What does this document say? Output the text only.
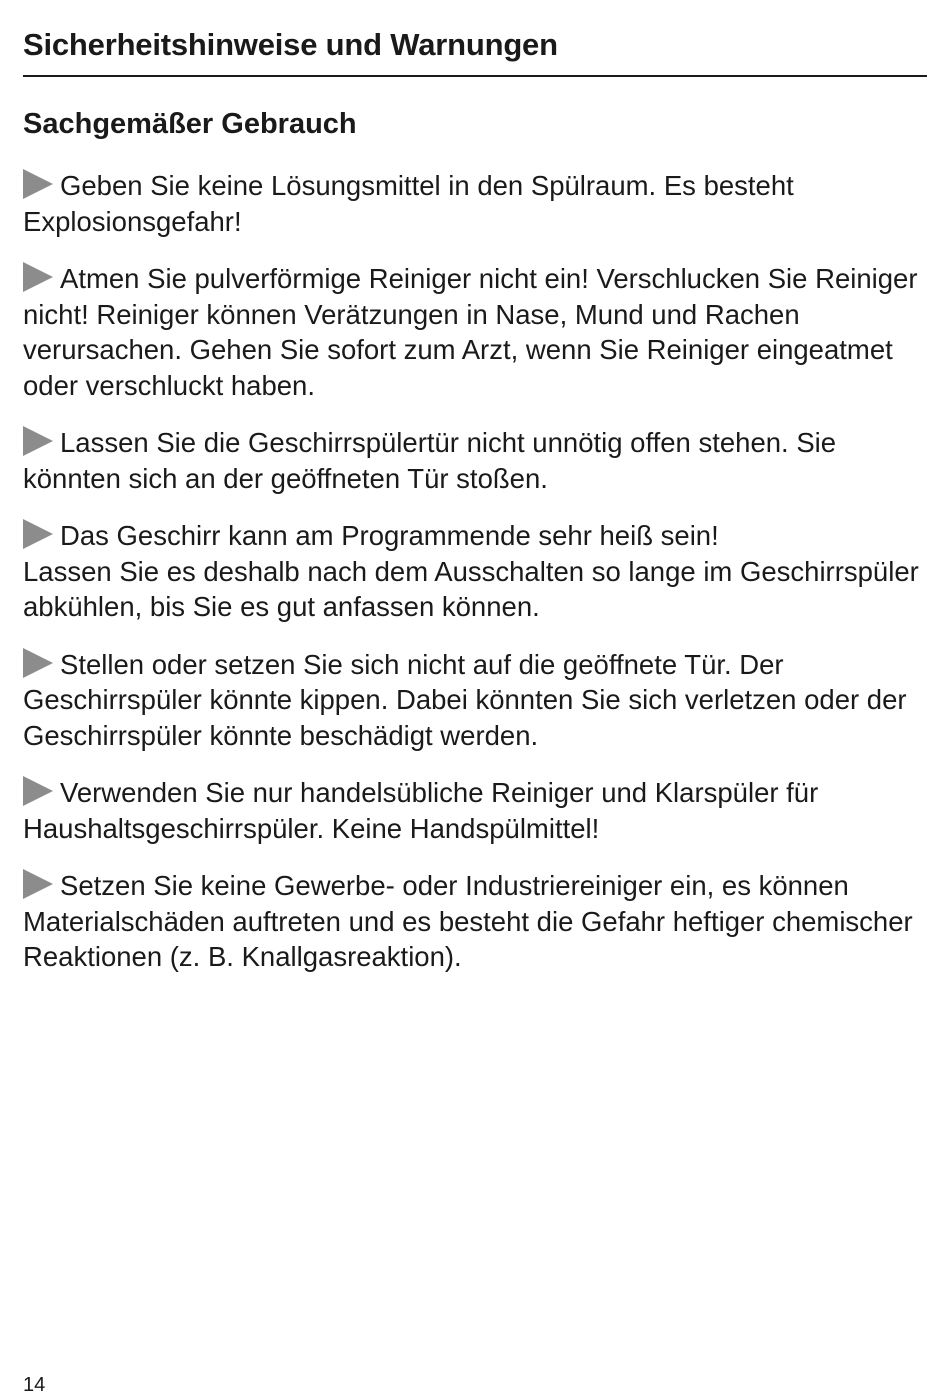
Sicherheitshinweise und Warnungen
Sachgemäßer Gebrauch
Geben Sie keine Lösungsmittel in den Spülraum. Es besteht Explosionsgefahr!
Atmen Sie pulverförmige Reiniger nicht ein! Verschlucken Sie Reiniger nicht! Reiniger können Verätzungen in Nase, Mund und Rachen verursachen. Gehen Sie sofort zum Arzt, wenn Sie Reiniger eingeatmet oder verschluckt haben.
Lassen Sie die Geschirrspülertür nicht unnötig offen stehen. Sie könnten sich an der geöffneten Tür stoßen.
Das Geschirr kann am Programmende sehr heiß sein!
Lassen Sie es deshalb nach dem Ausschalten so lange im Geschirrspüler abkühlen, bis Sie es gut anfassen können.
Stellen oder setzen Sie sich nicht auf die geöffnete Tür. Der Geschirrspüler könnte kippen. Dabei könnten Sie sich verletzen oder der Geschirrspüler könnte beschädigt werden.
Verwenden Sie nur handelsübliche Reiniger und Klarspüler für Haushaltsgeschirrspüler. Keine Handspülmittel!
Setzen Sie keine Gewerbe- oder Industriereiniger ein, es können Materialschäden auftreten und es besteht die Gefahr heftiger chemischer Reaktionen (z. B. Knallgasreaktion).
14
